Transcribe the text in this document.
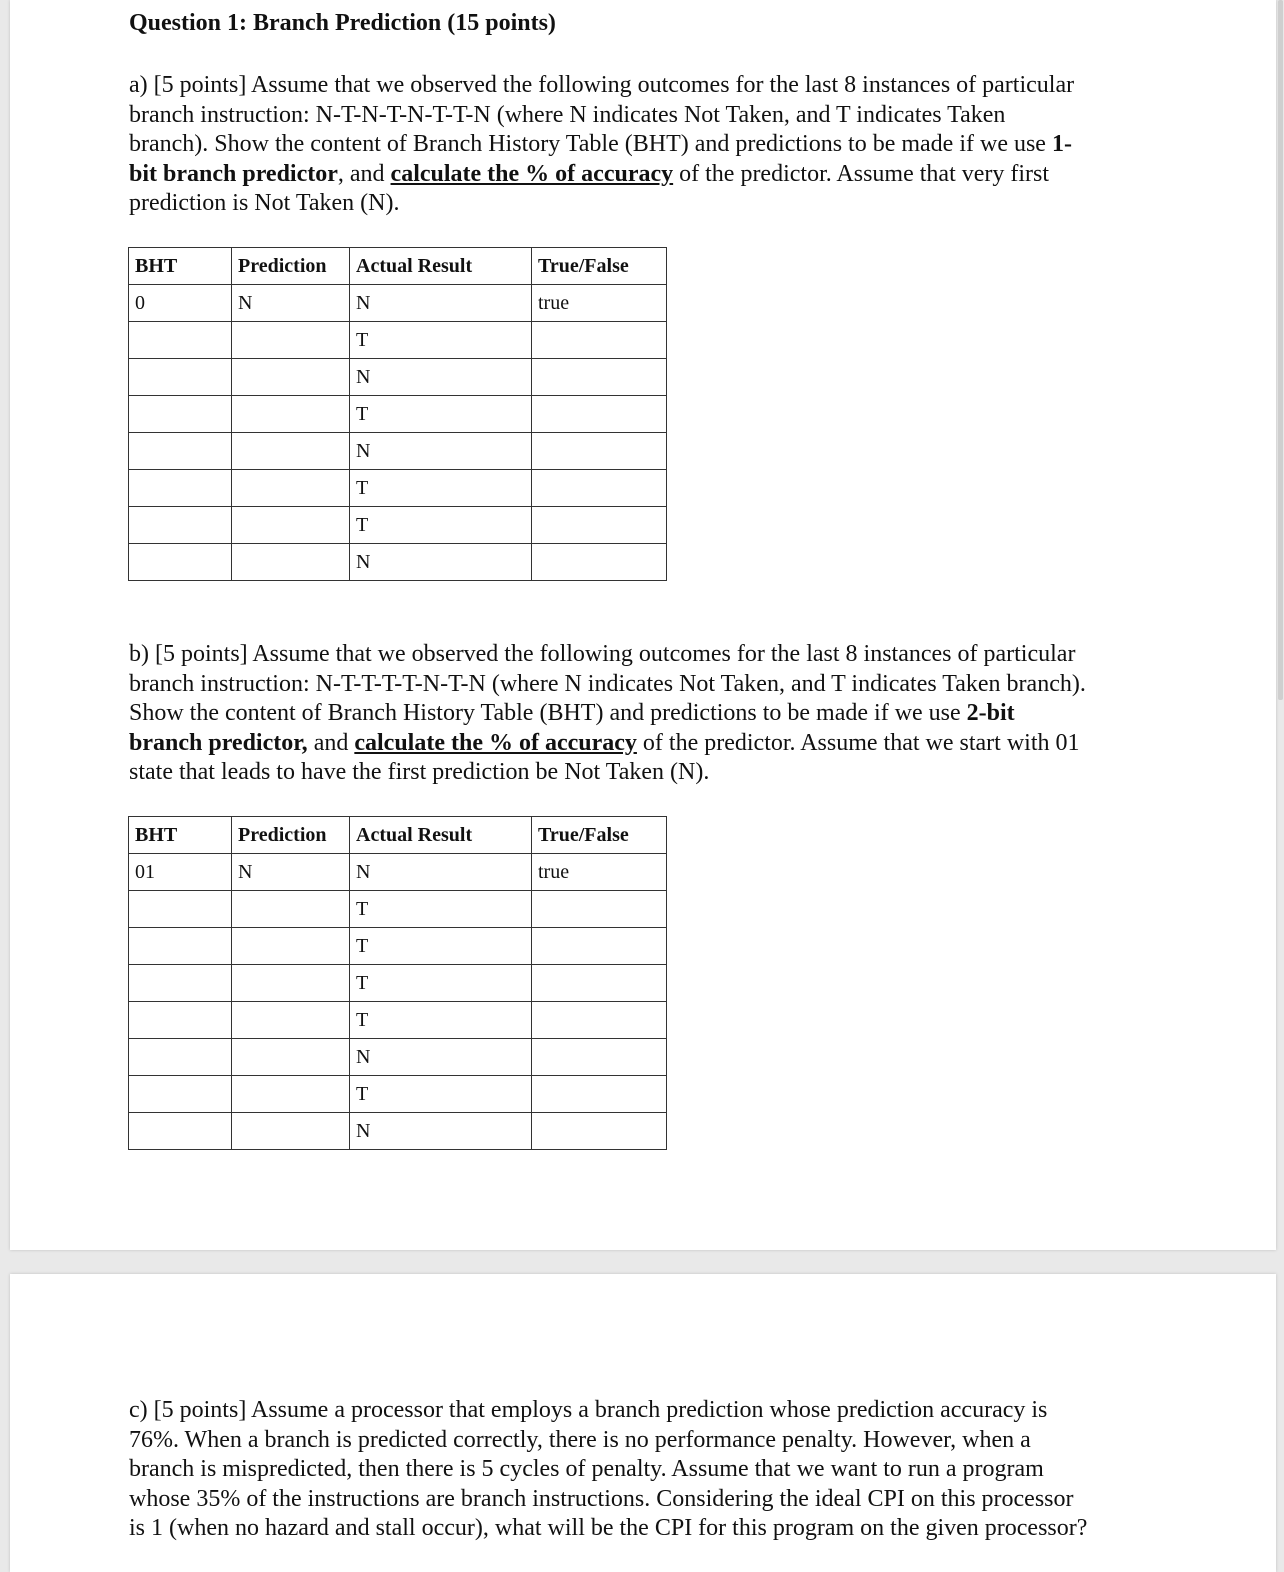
Question 1: Branch Prediction (15 points)
a) [5 points] Assume that we observed the following outcomes for the last 8 instances of particular
branch instruction: N-T-N-T-N-T-T-N (where N indicates Not Taken, and T indicates Taken
branch). Show the content of Branch History Table (BHT) and predictions to be made if we use 1-
bit branch predictor, and calculate the % of accuracy of the predictor. Assume that very first
prediction is Not Taken (N).
BHT	Prediction	Actual Result	True/False
0	N	N	true
		T	
		N	
		T	
		N	
		T	
		T	
		N	
b) [5 points] Assume that we observed the following outcomes for the last 8 instances of particular
branch instruction: N-T-T-T-T-N-T-N (where N indicates Not Taken, and T indicates Taken branch).
Show the content of Branch History Table (BHT) and predictions to be made if we use 2-bit
branch predictor, and calculate the % of accuracy of the predictor. Assume that we start with 01
state that leads to have the first prediction be Not Taken (N).
BHT	Prediction	Actual Result	True/False
01	N	N	true
		T	
		T	
		T	
		T	
		N	
		T	
		N	
c) [5 points] Assume a processor that employs a branch prediction whose prediction accuracy is
76%. When a branch is predicted correctly, there is no performance penalty. However, when a
branch is mispredicted, then there is 5 cycles of penalty. Assume that we want to run a program
whose 35% of the instructions are branch instructions. Considering the ideal CPI on this processor
is 1 (when no hazard and stall occur), what will be the CPI for this program on the given processor?
